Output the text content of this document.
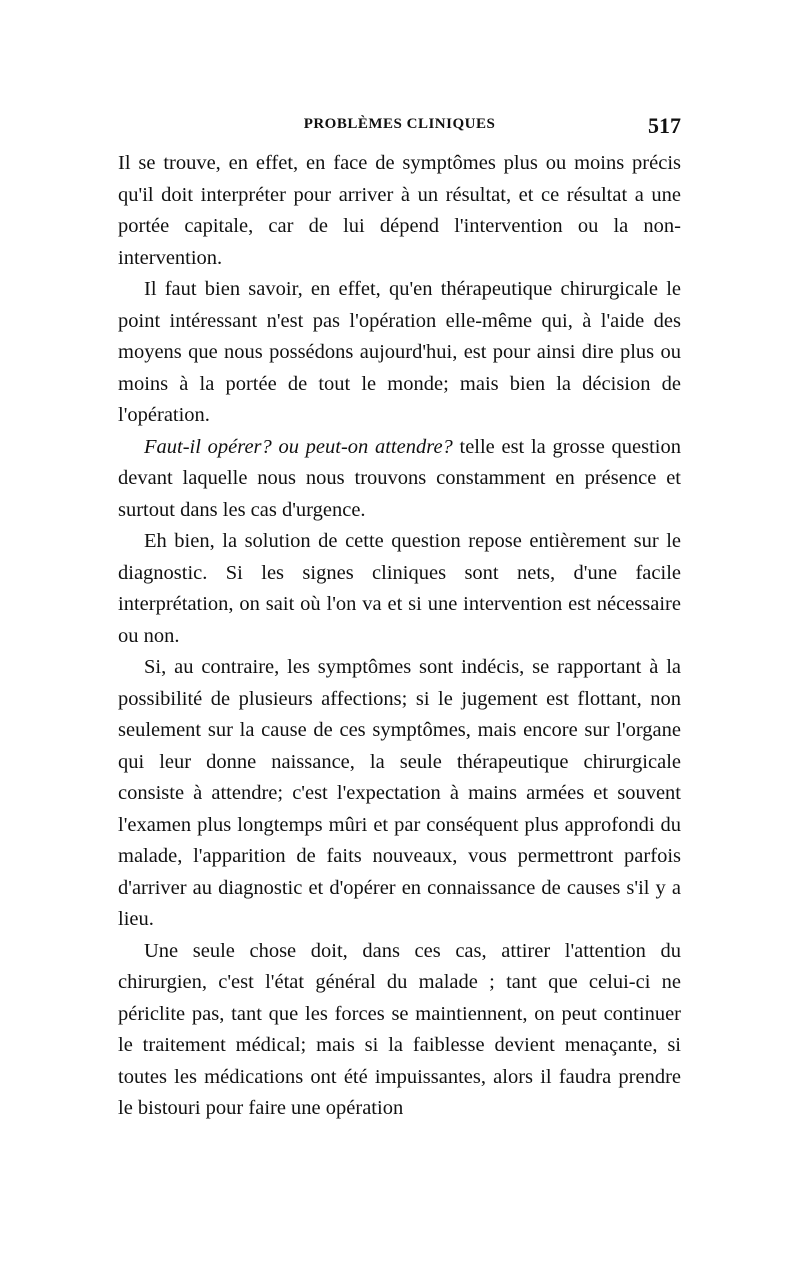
PROBLÈMES CLINIQUES	517

Il se trouve, en effet, en face de symptômes plus ou moins précis qu'il doit interpréter pour arriver à un résultat, et ce résultat a une portée capitale, car de lui dépend l'intervention ou la non-intervention.

Il faut bien savoir, en effet, qu'en thérapeutique chirurgicale le point intéressant n'est pas l'opération elle-même qui, à l'aide des moyens que nous possédons aujourd'hui, est pour ainsi dire plus ou moins à la portée de tout le monde; mais bien la décision de l'opération.

Faut-il opérer? ou peut-on attendre? telle est la grosse question devant laquelle nous nous trouvons constamment en présence et surtout dans les cas d'urgence.

Eh bien, la solution de cette question repose entièrement sur le diagnostic. Si les signes cliniques sont nets, d'une facile interprétation, on sait où l'on va et si une intervention est nécessaire ou non.

Si, au contraire, les symptômes sont indécis, se rapportant à la possibilité de plusieurs affections; si le jugement est flottant, non seulement sur la cause de ces symptômes, mais encore sur l'organe qui leur donne naissance, la seule thérapeutique chirurgicale consiste à attendre; c'est l'expectation à mains armées et souvent l'examen plus longtemps mûri et par conséquent plus approfondi du malade, l'apparition de faits nouveaux, vous permettront parfois d'arriver au diagnostic et d'opérer en connaissance de causes s'il y a lieu.

Une seule chose doit, dans ces cas, attirer l'attention du chirurgien, c'est l'état général du malade ; tant que celui-ci ne périclite pas, tant que les forces se maintiennent, on peut continuer le traitement médical; mais si la faiblesse devient menaçante, si toutes les médications ont été impuissantes, alors il faudra prendre le bistouri pour faire une opération
